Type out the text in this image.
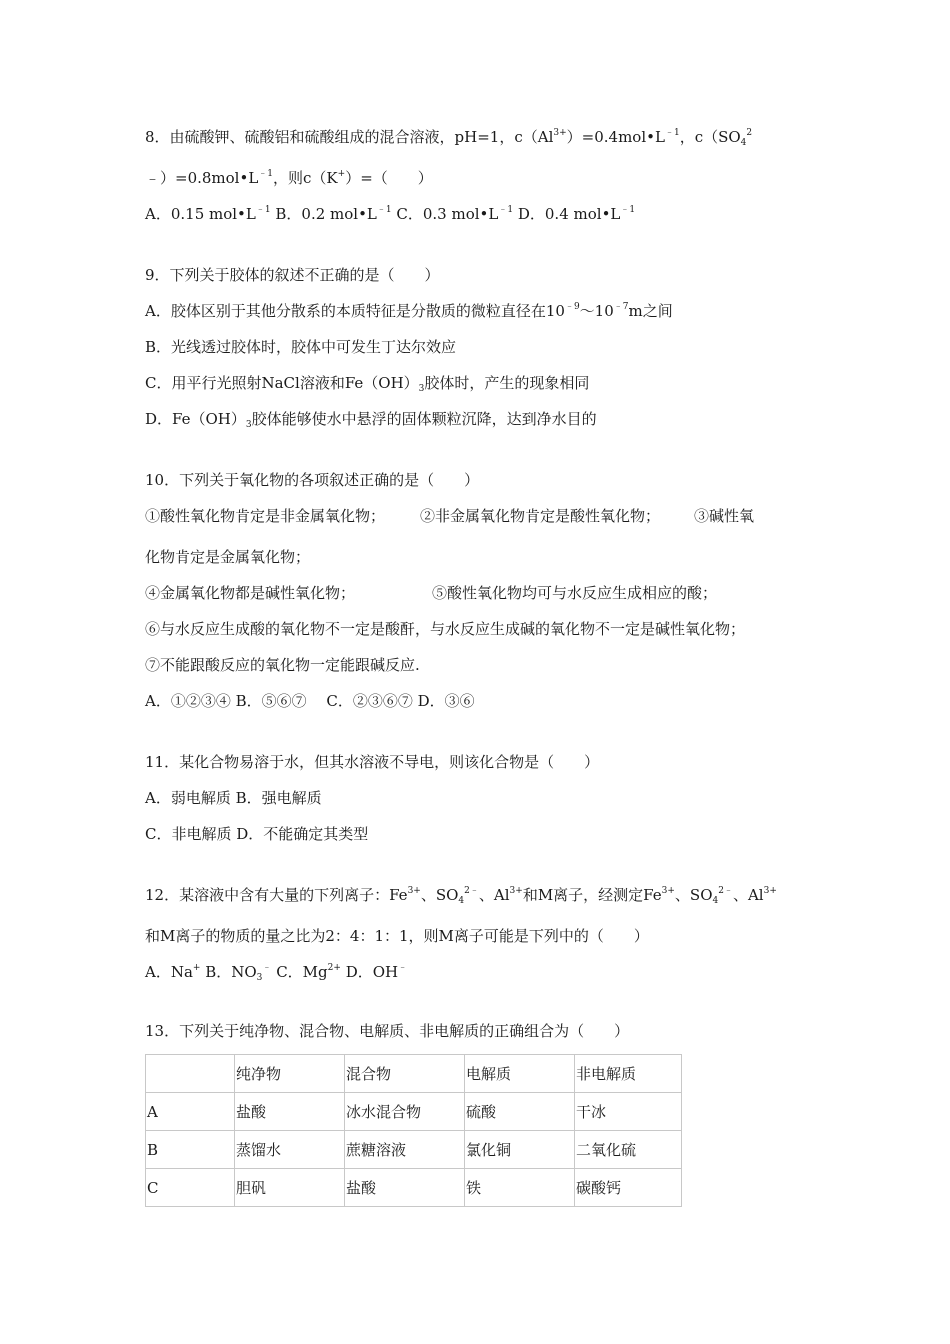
8．由硫酸钾、硫酸铝和硫酸组成的混合溶液，pH=1，$c(Al^{3+})=0.4mol•L^{﹣1}$，$c(SO_4^2$
$﹣)=0.8mol•L^{﹣1}$，则c（K+）=（　　）
A．0.15 $mol•L^{﹣1}$ B．0.2 $mol•L^{﹣1}$ C．0.3 $mol•L^{﹣1}$ D．0.4 $mol•L^{﹣1}$
9．下列关于胶体的叙述不正确的是（　　）
A．胶体区别于其他分散系的本质特征是分散质的微粒直径在$10^{﹣9}\sim 10^{﹣7}m$之间
B．光线透过胶体时，胶体中可发生丁达尔效应
C．用平行光照射NaCl溶液和$Fe(OH)_3$胶体时，产生的现象相同
D．$Fe(OH)_3$胶体能够使水中悬浮的固体颗粒沉降，达到净水目的
10．下列关于氧化物的各项叙述正确的是（　　）
①酸性氧化物肯定是非金属氧化物； ②非金属氧化物肯定是酸性氧化物； ③碱性氧
化物肯定是金属氧化物；
④金属氧化物都是碱性氧化物；	⑤酸性氧化物均可与水反应生成相应的酸；
⑥与水反应生成酸的氧化物不一定是酸酐，与水反应生成碱的氧化物不一定是碱性氧化物；
⑦不能跟酸反应的氧化物一定能跟碱反应.
A．①②③④ B．⑤⑥⑦　 C．②③⑥⑦ D．③⑥
11．某化合物易溶于水，但其水溶液不导电，则该化合物是（　　）
A．弱电解质 B．强电解质
C．非电解质 D．不能确定其类型
12．某溶液中含有大量的下列离子：$Fe^{3+}$、$SO_4^{2﹣}$、$Al^{3+}$和M离子，经测定$Fe^{3+}$、$SO_4^{2﹣}$、$Al^{3+}$
和M离子的物质的量之比为2：4：1：1，则M离子可能是下列中的（　　）
A．Na+ B．$NO_3^﹣$ C．$Mg^{2+}$ D．OH﹣
13．下列关于纯净物、混合物、电解质、非电解质的正确组合为（　　）
	纯净物	混合物	电解质	非电解质
A	盐酸	冰水混合物	硫酸	干冰
B	蒸馏水	蔗糖溶液	氯化铜	二氧化硫
C	胆矾	盐酸	铁	碳酸钙
